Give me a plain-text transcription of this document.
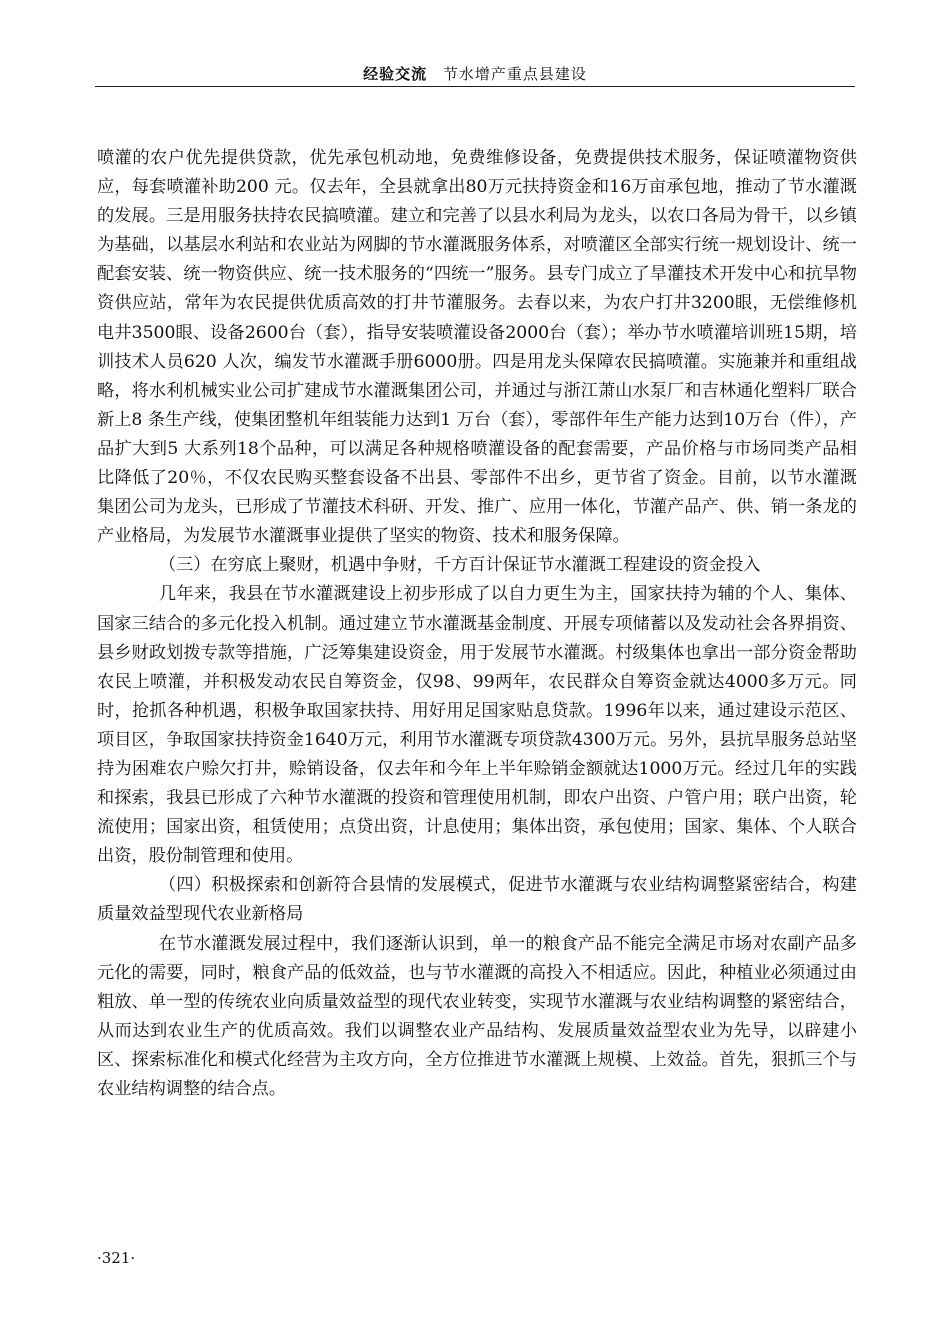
经验交流 节水增产重点县建设

喷灌的农户优先提供贷款，优先承包机动地，免费维修设备，免费提供技术服务，保证喷灌物资供应，每套喷灌补助200 元。仅去年，全县就拿出80万元扶持资金和16万亩承包地，推动了节水灌溉的发展。三是用服务扶持农民搞喷灌。建立和完善了以县水利局为龙头，以农口各局为骨干，以乡镇为基础，以基层水利站和农业站为网脚的节水灌溉服务体系，对喷灌区全部实行统一规划设计、统一配套安装、统一物资供应、统一技术服务的“四统一”服务。县专门成立了旱灌技术开发中心和抗旱物资供应站，常年为农民提供优质高效的打井节灌服务。去春以来，为农户打井3200眼，无偿维修机电井3500眼、设备2600台（套），指导安装喷灌设备2000台（套）；举办节水喷灌培训班15期，培训技术人员620 人次，编发节水灌溉手册6000册。四是用龙头保障农民搞喷灌。实施兼并和重组战略，将水利机械实业公司扩建成节水灌溉集团公司，并通过与浙江萧山水泵厂和吉林通化塑料厂联合新上8 条生产线，使集团整机年组装能力达到1 万台（套），零部件年生产能力达到10万台（件），产品扩大到5 大系列18个品种，可以满足各种规格喷灌设备的配套需要，产品价格与市场同类产品相比降低了20％，不仅农民购买整套设备不出县、零部件不出乡，更节省了资金。目前，以节水灌溉集团公司为龙头，已形成了节灌技术科研、开发、推广、应用一体化，节灌产品产、供、销一条龙的产业格局，为发展节水灌溉事业提供了坚实的物资、技术和服务保障。

（三）在穷底上聚财，机遇中争财，千方百计保证节水灌溉工程建设的资金投入

几年来，我县在节水灌溉建设上初步形成了以自力更生为主，国家扶持为辅的个人、集体、国家三结合的多元化投入机制。通过建立节水灌溉基金制度、开展专项储蓄以及发动社会各界捐资、县乡财政划拨专款等措施，广泛筹集建设资金，用于发展节水灌溉。村级集体也拿出一部分资金帮助农民上喷灌，并积极发动农民自筹资金，仅98、99两年，农民群众自筹资金就达4000多万元。同时，抢抓各种机遇，积极争取国家扶持、用好用足国家贴息贷款。1996年以来，通过建设示范区、项目区，争取国家扶持资金1640万元，利用节水灌溉专项贷款4300万元。另外，县抗旱服务总站坚持为困难农户赊欠打井，赊销设备，仅去年和今年上半年赊销金额就达1000万元。经过几年的实践和探索，我县已形成了六种节水灌溉的投资和管理使用机制，即农户出资、户管户用；联户出资，轮流使用；国家出资，租赁使用；点贷出资，计息使用；集体出资，承包使用；国家、集体、个人联合出资，股份制管理和使用。

（四）积极探索和创新符合县情的发展模式，促进节水灌溉与农业结构调整紧密结合，构建质量效益型现代农业新格局

在节水灌溉发展过程中，我们逐渐认识到，单一的粮食产品不能完全满足市场对农副产品多元化的需要，同时，粮食产品的低效益，也与节水灌溉的高投入不相适应。因此，种植业必须通过由粗放、单一型的传统农业向质量效益型的现代农业转变，实现节水灌溉与农业结构调整的紧密结合，从而达到农业生产的优质高效。我们以调整农业产品结构、发展质量效益型农业为先导，以辟建小区、探索标准化和模式化经营为主攻方向，全方位推进节水灌溉上规模、上效益。首先，狠抓三个与农业结构调整的结合点。

·321·
